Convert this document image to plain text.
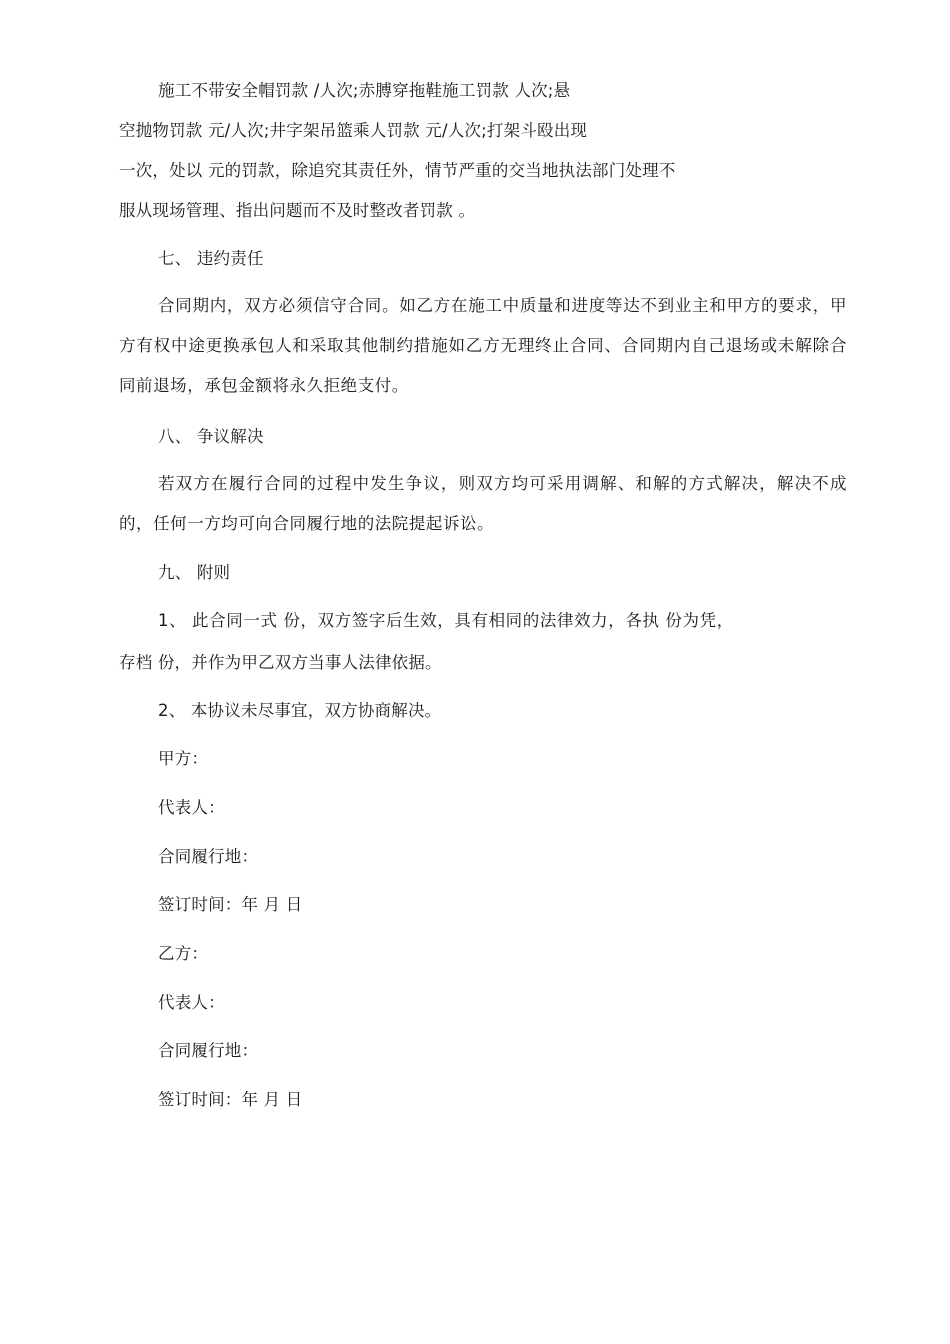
施工不带安全帽罚款 /人次;赤膊穿拖鞋施工罚款 人次;悬

空抛物罚款 元/人次;井字架吊篮乘人罚款 元/人次;打架斗殴出现

一次，处以 元的罚款，除追究其责任外，情节严重的交当地执法部门处理不

服从现场管理、指出问题而不及时整改者罚款 。

七、 违约责任

合同期内，双方必须信守合同。如乙方在施工中质量和进度等达不到业主和甲方的要求，甲方有权中途更换承包人和采取其他制约措施如乙方无理终止合同、合同期内自己退场或未解除合同前退场，承包金额将永久拒绝支付。

八、 争议解决

若双方在履行合同的过程中发生争议，则双方均可采用调解、和解的方式解决，解决不成的，任何一方均可向合同履行地的法院提起诉讼。

九、 附则

1、 此合同一式 份，双方签字后生效，具有相同的法律效力，各执 份为凭，

存档 份，并作为甲乙双方当事人法律依据。

2、 本协议未尽事宜，双方协商解决。

甲方：

代表人：

合同履行地：

签订时间：年 月 日

乙方：

代表人：

合同履行地：

签订时间：年 月 日
